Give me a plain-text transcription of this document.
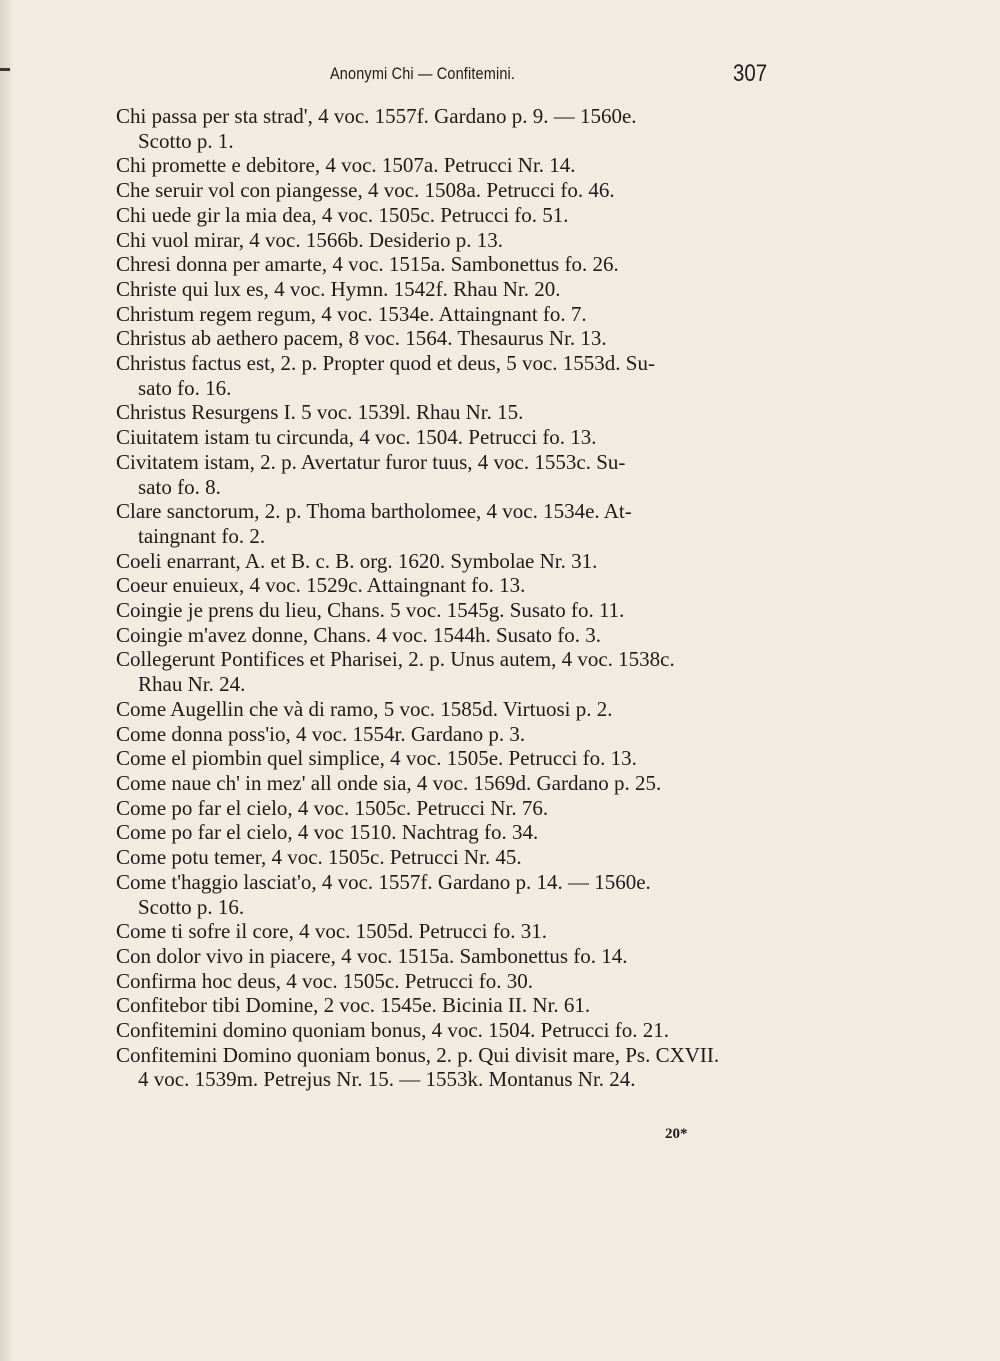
Anonymi Chi — Confitemini.	307
Chi passa per sta strad', 4 voc. 1557f. Gardano p. 9. — 1560e.
Scotto p. 1.
Chi promette e debitore, 4 voc. 1507a. Petrucci Nr. 14.
Che seruir vol con piangesse, 4 voc. 1508a. Petrucci fo. 46.
Chi uede gir la mia dea, 4 voc. 1505c. Petrucci fo. 51.
Chi vuol mirar, 4 voc. 1566b. Desiderio p. 13.
Chresi donna per amarte, 4 voc. 1515a. Sambonettus fo. 26.
Christe qui lux es, 4 voc. Hymn. 1542f. Rhau Nr. 20.
Christum regem regum, 4 voc. 1534e. Attaingnant fo. 7.
Christus ab aethero pacem, 8 voc. 1564. Thesaurus Nr. 13.
Christus factus est, 2. p. Propter quod et deus, 5 voc. 1553d. Su-
sato fo. 16.
Christus Resurgens I. 5 voc. 1539l. Rhau Nr. 15.
Ciuitatem istam tu circunda, 4 voc. 1504. Petrucci fo. 13.
Civitatem istam, 2. p. Avertatur furor tuus, 4 voc. 1553c. Su-
sato fo. 8.
Clare sanctorum, 2. p. Thoma bartholomee, 4 voc. 1534e. At-
taingnant fo. 2.
Coeli enarrant, A. et B. c. B. org. 1620. Symbolae Nr. 31.
Coeur enuieux, 4 voc. 1529c. Attaingnant fo. 13.
Coingie je prens du lieu, Chans. 5 voc. 1545g. Susato fo. 11.
Coingie m'avez donne, Chans. 4 voc. 1544h. Susato fo. 3.
Collegerunt Pontifices et Pharisei, 2. p. Unus autem, 4 voc. 1538c.
Rhau Nr. 24.
Come Augellin che và di ramo, 5 voc. 1585d. Virtuosi p. 2.
Come donna poss'io, 4 voc. 1554r. Gardano p. 3.
Come el piombin quel simplice, 4 voc. 1505e. Petrucci fo. 13.
Come naue ch' in mez' all onde sia, 4 voc. 1569d. Gardano p. 25.
Come po far el cielo, 4 voc. 1505c. Petrucci Nr. 76.
Come po far el cielo, 4 voc 1510. Nachtrag fo. 34.
Come potu temer, 4 voc. 1505c. Petrucci Nr. 45.
Come t'haggio lasciat'o, 4 voc. 1557f. Gardano p. 14. — 1560e.
Scotto p. 16.
Come ti sofre il core, 4 voc. 1505d. Petrucci fo. 31.
Con dolor vivo in piacere, 4 voc. 1515a. Sambonettus fo. 14.
Confirma hoc deus, 4 voc. 1505c. Petrucci fo. 30.
Confitebor tibi Domine, 2 voc. 1545e. Bicinia II. Nr. 61.
Confitemini domino quoniam bonus, 4 voc. 1504. Petrucci fo. 21.
Confitemini Domino quoniam bonus, 2. p. Qui divisit mare, Ps. CXVII.
4 voc. 1539m. Petrejus Nr. 15. — 1553k. Montanus Nr. 24.
20*
